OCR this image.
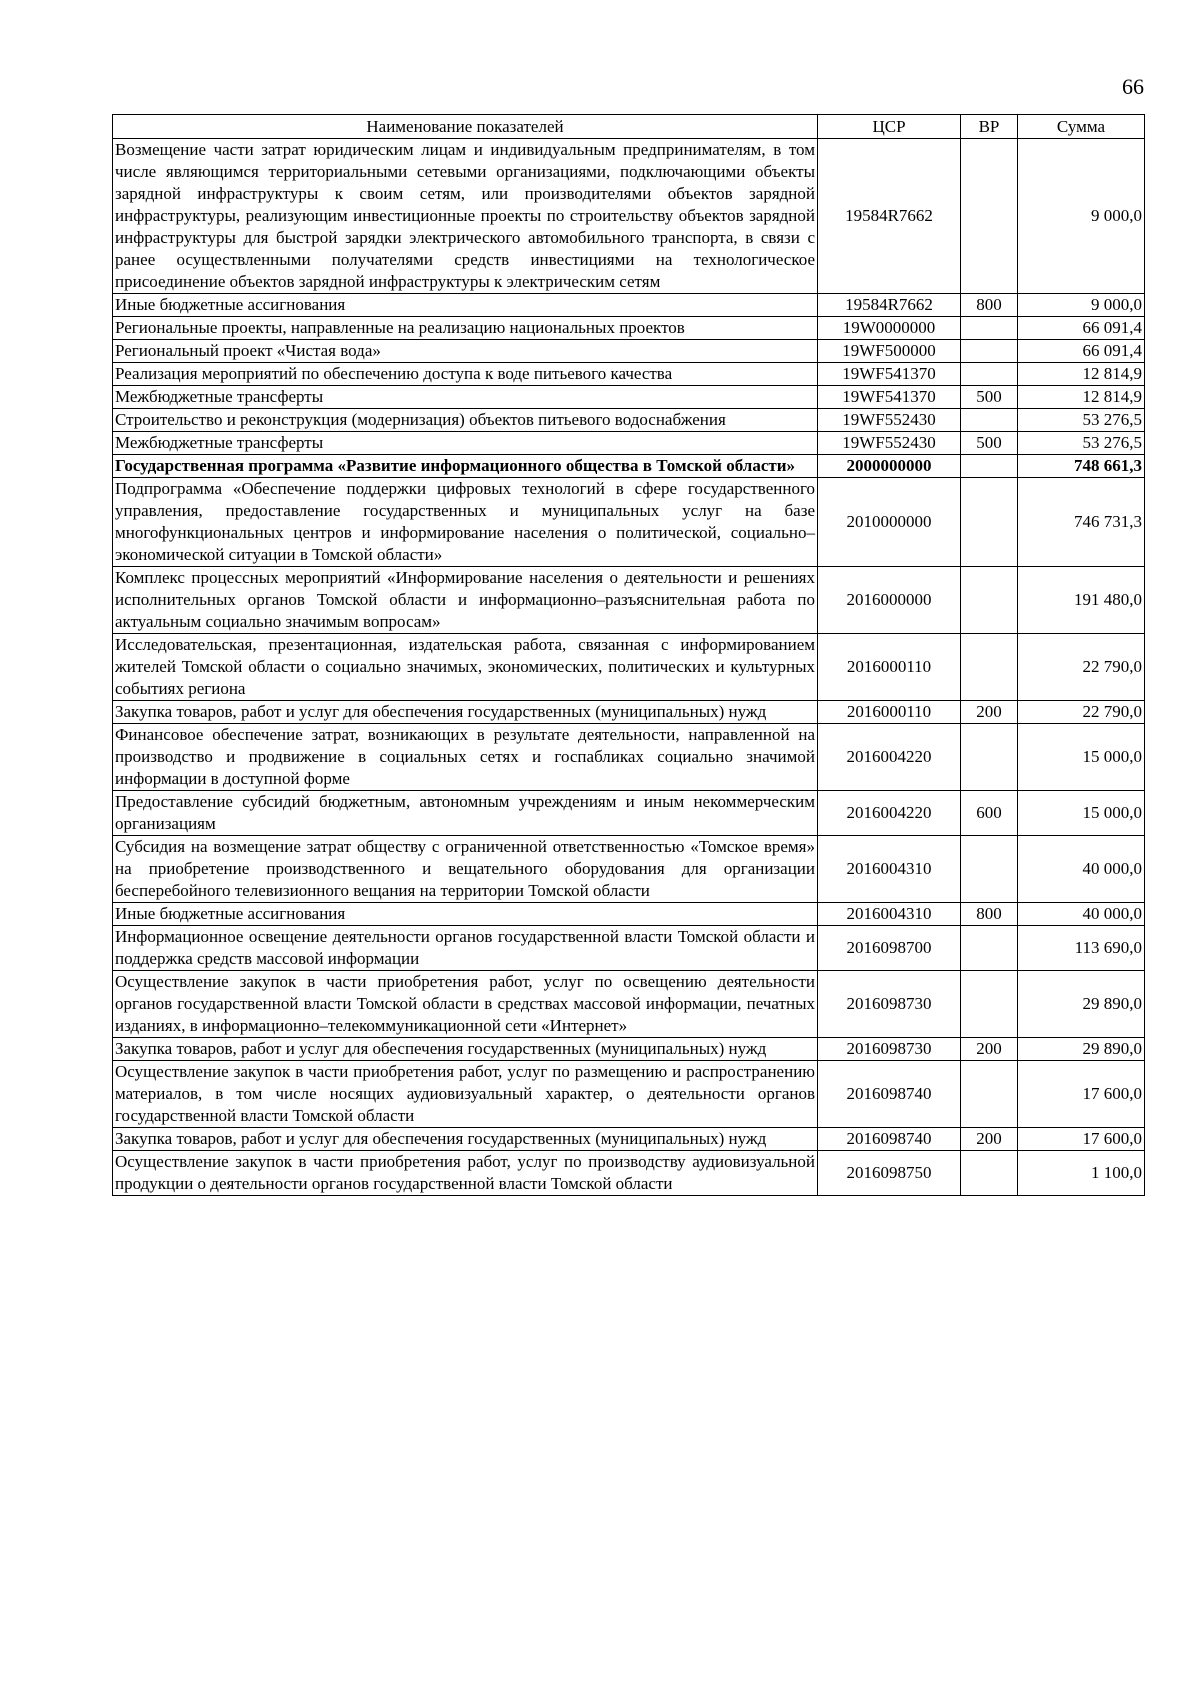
66
Наименование показателей	ЦСР	ВР	Сумма
Возмещение части затрат юридическим лицам и индивидуальным предпринимателям, в том числе являющимся территориальными сетевыми организациями, подключающими объекты зарядной инфраструктуры к своим сетям, или производителями объектов зарядной инфраструктуры, реализующим инвестиционные проекты по строительству объектов зарядной инфраструктуры для быстрой зарядки электрического автомобильного транспорта, в связи с ранее осуществленными получателями средств инвестициями на технологическое присоединение объектов зарядной инфраструктуры к электрическим сетям	19584R7662		9 000,0
Иные бюджетные ассигнования	19584R7662	800	9 000,0
Региональные проекты, направленные на реализацию национальных проектов	19W0000000		66 091,4
Региональный проект «Чистая вода»	19WF500000		66 091,4
Реализация мероприятий по обеспечению доступа к воде питьевого качества	19WF541370		12 814,9
Межбюджетные трансферты	19WF541370	500	12 814,9
Строительство и реконструкция (модернизация) объектов питьевого водоснабжения	19WF552430		53 276,5
Межбюджетные трансферты	19WF552430	500	53 276,5
Государственная программа «Развитие информационного общества в Томской области»	2000000000		748 661,3
Подпрограмма «Обеспечение поддержки цифровых технологий в сфере государственного управления, предоставление государственных и муниципальных услуг на базе многофункциональных центров и информирование населения о политической, социально–экономической ситуации в Томской области»	2010000000		746 731,3
Комплекс процессных мероприятий «Информирование населения о деятельности и решениях исполнительных органов Томской области и информационно–разъяснительная работа по актуальным социально значимым вопросам»	2016000000		191 480,0
Исследовательская, презентационная, издательская работа, связанная с информированием жителей Томской области о социально значимых, экономических, политических и культурных событиях региона	2016000110		22 790,0
Закупка товаров, работ и услуг для обеспечения государственных (муниципальных) нужд	2016000110	200	22 790,0
Финансовое обеспечение затрат, возникающих в результате деятельности, направленной на производство и продвижение в социальных сетях и госпабликах социально значимой информации в доступной форме	2016004220		15 000,0
Предоставление субсидий бюджетным, автономным учреждениям и иным некоммерческим организациям	2016004220	600	15 000,0
Субсидия на возмещение затрат обществу с ограниченной ответственностью «Томское время» на приобретение производственного и вещательного оборудования для организации бесперебойного телевизионного вещания на территории Томской области	2016004310		40 000,0
Иные бюджетные ассигнования	2016004310	800	40 000,0
Информационное освещение деятельности органов государственной власти Томской области и поддержка средств массовой информации	2016098700		113 690,0
Осуществление закупок в части приобретения работ, услуг по освещению деятельности органов государственной власти Томской области в средствах массовой информации, печатных изданиях, в информационно–телекоммуникационной сети «Интернет»	2016098730		29 890,0
Закупка товаров, работ и услуг для обеспечения государственных (муниципальных) нужд	2016098730	200	29 890,0
Осуществление закупок в части приобретения работ, услуг по размещению и распространению материалов, в том числе носящих аудиовизуальный характер, о деятельности органов государственной власти Томской области	2016098740		17 600,0
Закупка товаров, работ и услуг для обеспечения государственных (муниципальных) нужд	2016098740	200	17 600,0
Осуществление закупок в части приобретения работ, услуг по производству аудиовизуальной продукции о деятельности органов государственной власти Томской области	2016098750		1 100,0
